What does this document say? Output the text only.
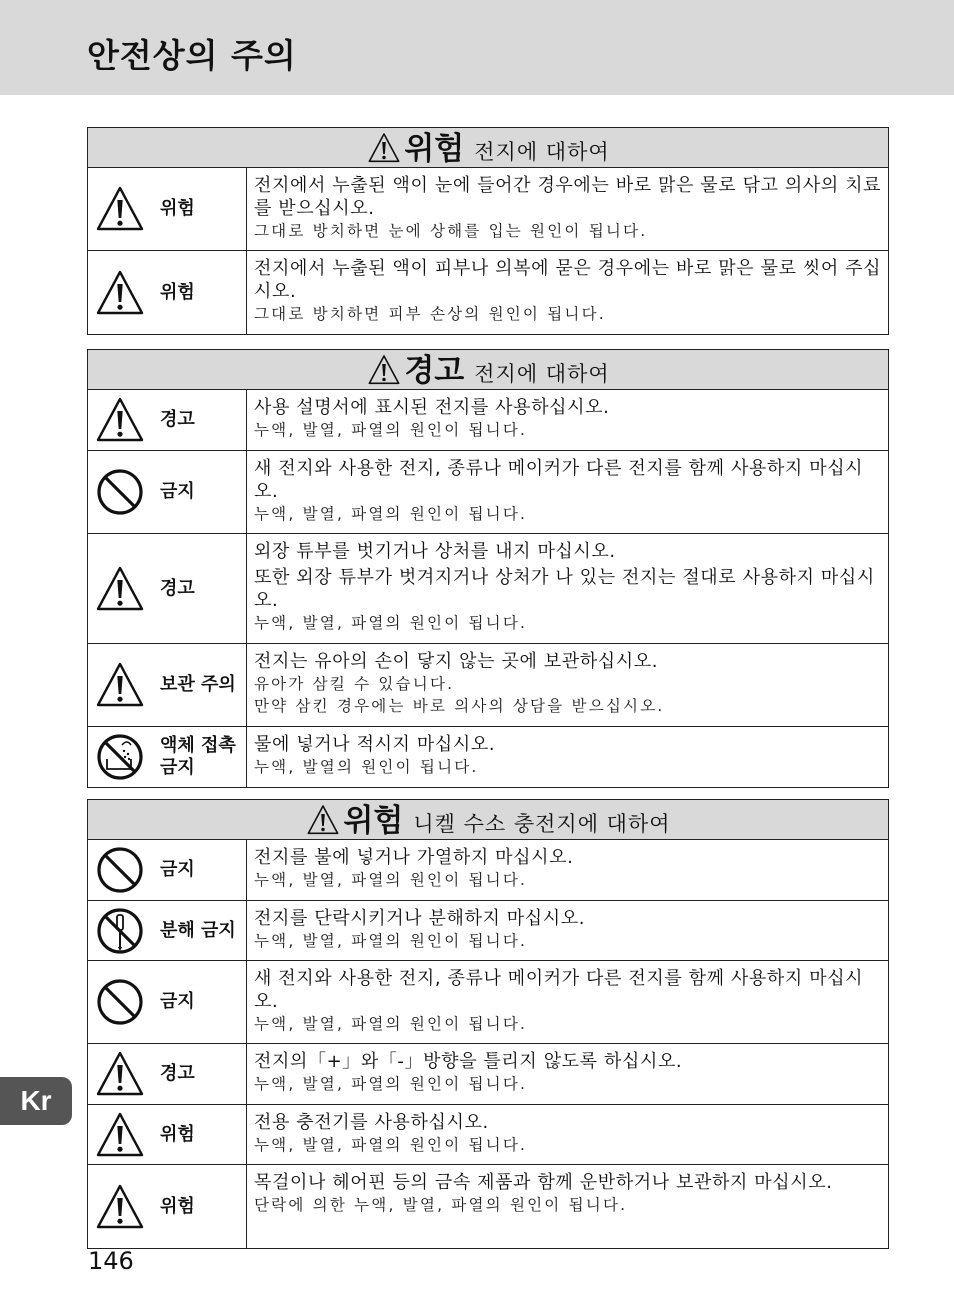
안전상의 주의
위험 전지에 대하여
위험
전지에서 누출된 액이 눈에 들어간 경우에는 바로 맑은 물로 닦고 의사의 치료를 받으십시오.
그대로 방치하면 눈에 상해를 입는 원인이 됩니다.
위험
전지에서 누출된 액이 피부나 의복에 묻은 경우에는 바로 맑은 물로 씻어 주십시오.
그대로 방치하면 피부 손상의 원인이 됩니다.
경고 전지에 대하여
경고
사용 설명서에 표시된 전지를 사용하십시오.
누액, 발열, 파열의 원인이 됩니다.
금지
새 전지와 사용한 전지, 종류나 메이커가 다른 전지를 함께 사용하지 마십시오.
누액, 발열, 파열의 원인이 됩니다.
경고
외장 튜부를 벗기거나 상처를 내지 마십시오.
또한 외장 튜부가 벗겨지거나 상처가 나 있는 전지는 절대로 사용하지 마십시오.
누액, 발열, 파열의 원인이 됩니다.
보관 주의
전지는 유아의 손이 닿지 않는 곳에 보관하십시오.
유아가 삼킬 수 있습니다.
만약 삼킨 경우에는 바로 의사의 상담을 받으십시오.
액체 접촉 금지
물에 넣거나 적시지 마십시오.
누액, 발열의 원인이 됩니다.
위험 니켈 수소 충전지에 대하여
금지
전지를 불에 넣거나 가열하지 마십시오.
누액, 발열, 파열의 원인이 됩니다.
분해 금지
전지를 단락시키거나 분해하지 마십시오.
누액, 발열, 파열의 원인이 됩니다.
금지
새 전지와 사용한 전지, 종류나 메이커가 다른 전지를 함께 사용하지 마십시오.
누액, 발열, 파열의 원인이 됩니다.
경고
전지의「+」와「-」방향을 틀리지 않도록 하십시오.
누액, 발열, 파열의 원인이 됩니다.
위험
전용 충전기를 사용하십시오.
누액, 발열, 파열의 원인이 됩니다.
위험
목걸이나 헤어핀 등의 금속 제품과 함께 운반하거나 보관하지 마십시오.
단락에 의한 누액, 발열, 파열의 원인이 됩니다.
Kr
146
